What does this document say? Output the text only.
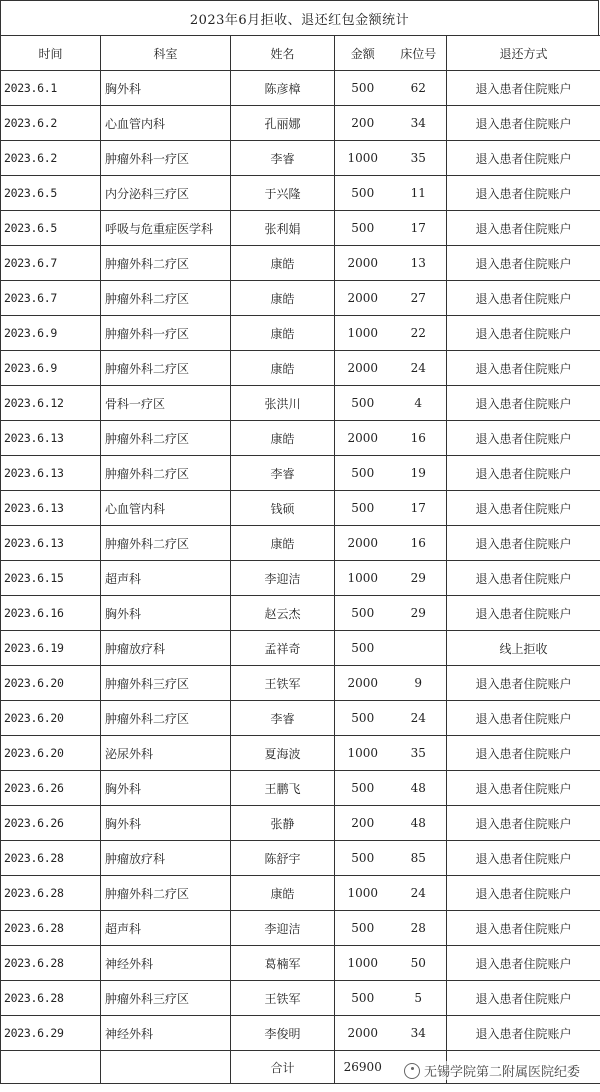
2023年6月拒收、退还红包金额统计
时间	科室	姓名	金额	床位号	退还方式
2023.6.1	胸外科	陈彦樟	500	62	退入患者住院账户
2023.6.2	心血管内科	孔丽娜	200	34	退入患者住院账户
2023.6.2	肿瘤外科一疗区	李睿	1000	35	退入患者住院账户
2023.6.5	内分泌科三疗区	于兴隆	500	11	退入患者住院账户
2023.6.5	呼吸与危重症医学科	张利娟	500	17	退入患者住院账户
2023.6.7	肿瘤外科二疗区	康皓	2000	13	退入患者住院账户
2023.6.7	肿瘤外科二疗区	康皓	2000	27	退入患者住院账户
2023.6.9	肿瘤外科一疗区	康皓	1000	22	退入患者住院账户
2023.6.9	肿瘤外科二疗区	康皓	2000	24	退入患者住院账户
2023.6.12	骨科一疗区	张洪川	500	4	退入患者住院账户
2023.6.13	肿瘤外科二疗区	康皓	2000	16	退入患者住院账户
2023.6.13	肿瘤外科二疗区	李睿	500	19	退入患者住院账户
2023.6.13	心血管内科	钱硕	500	17	退入患者住院账户
2023.6.13	肿瘤外科二疗区	康皓	2000	16	退入患者住院账户
2023.6.15	超声科	李迎洁	1000	29	退入患者住院账户
2023.6.16	胸外科	赵云杰	500	29	退入患者住院账户
2023.6.19	肿瘤放疗科	孟祥奇	500		线上拒收
2023.6.20	肿瘤外科三疗区	王铁军	2000	9	退入患者住院账户
2023.6.20	肿瘤外科二疗区	李睿	500	24	退入患者住院账户
2023.6.20	泌尿外科	夏海波	1000	35	退入患者住院账户
2023.6.26	胸外科	王鹏飞	500	48	退入患者住院账户
2023.6.26	胸外科	张静	200	48	退入患者住院账户
2023.6.28	肿瘤放疗科	陈舒宇	500	85	退入患者住院账户
2023.6.28	肿瘤外科二疗区	康皓	1000	24	退入患者住院账户
2023.6.28	超声科	李迎洁	500	28	退入患者住院账户
2023.6.28	神经外科	葛楠军	1000	50	退入患者住院账户
2023.6.28	肿瘤外科三疗区	王铁军	500	5	退入患者住院账户
2023.6.29	神经外科	李俊明	2000	34	退入患者住院账户
		合计	26900			无锡学院第二附属医院纪委
